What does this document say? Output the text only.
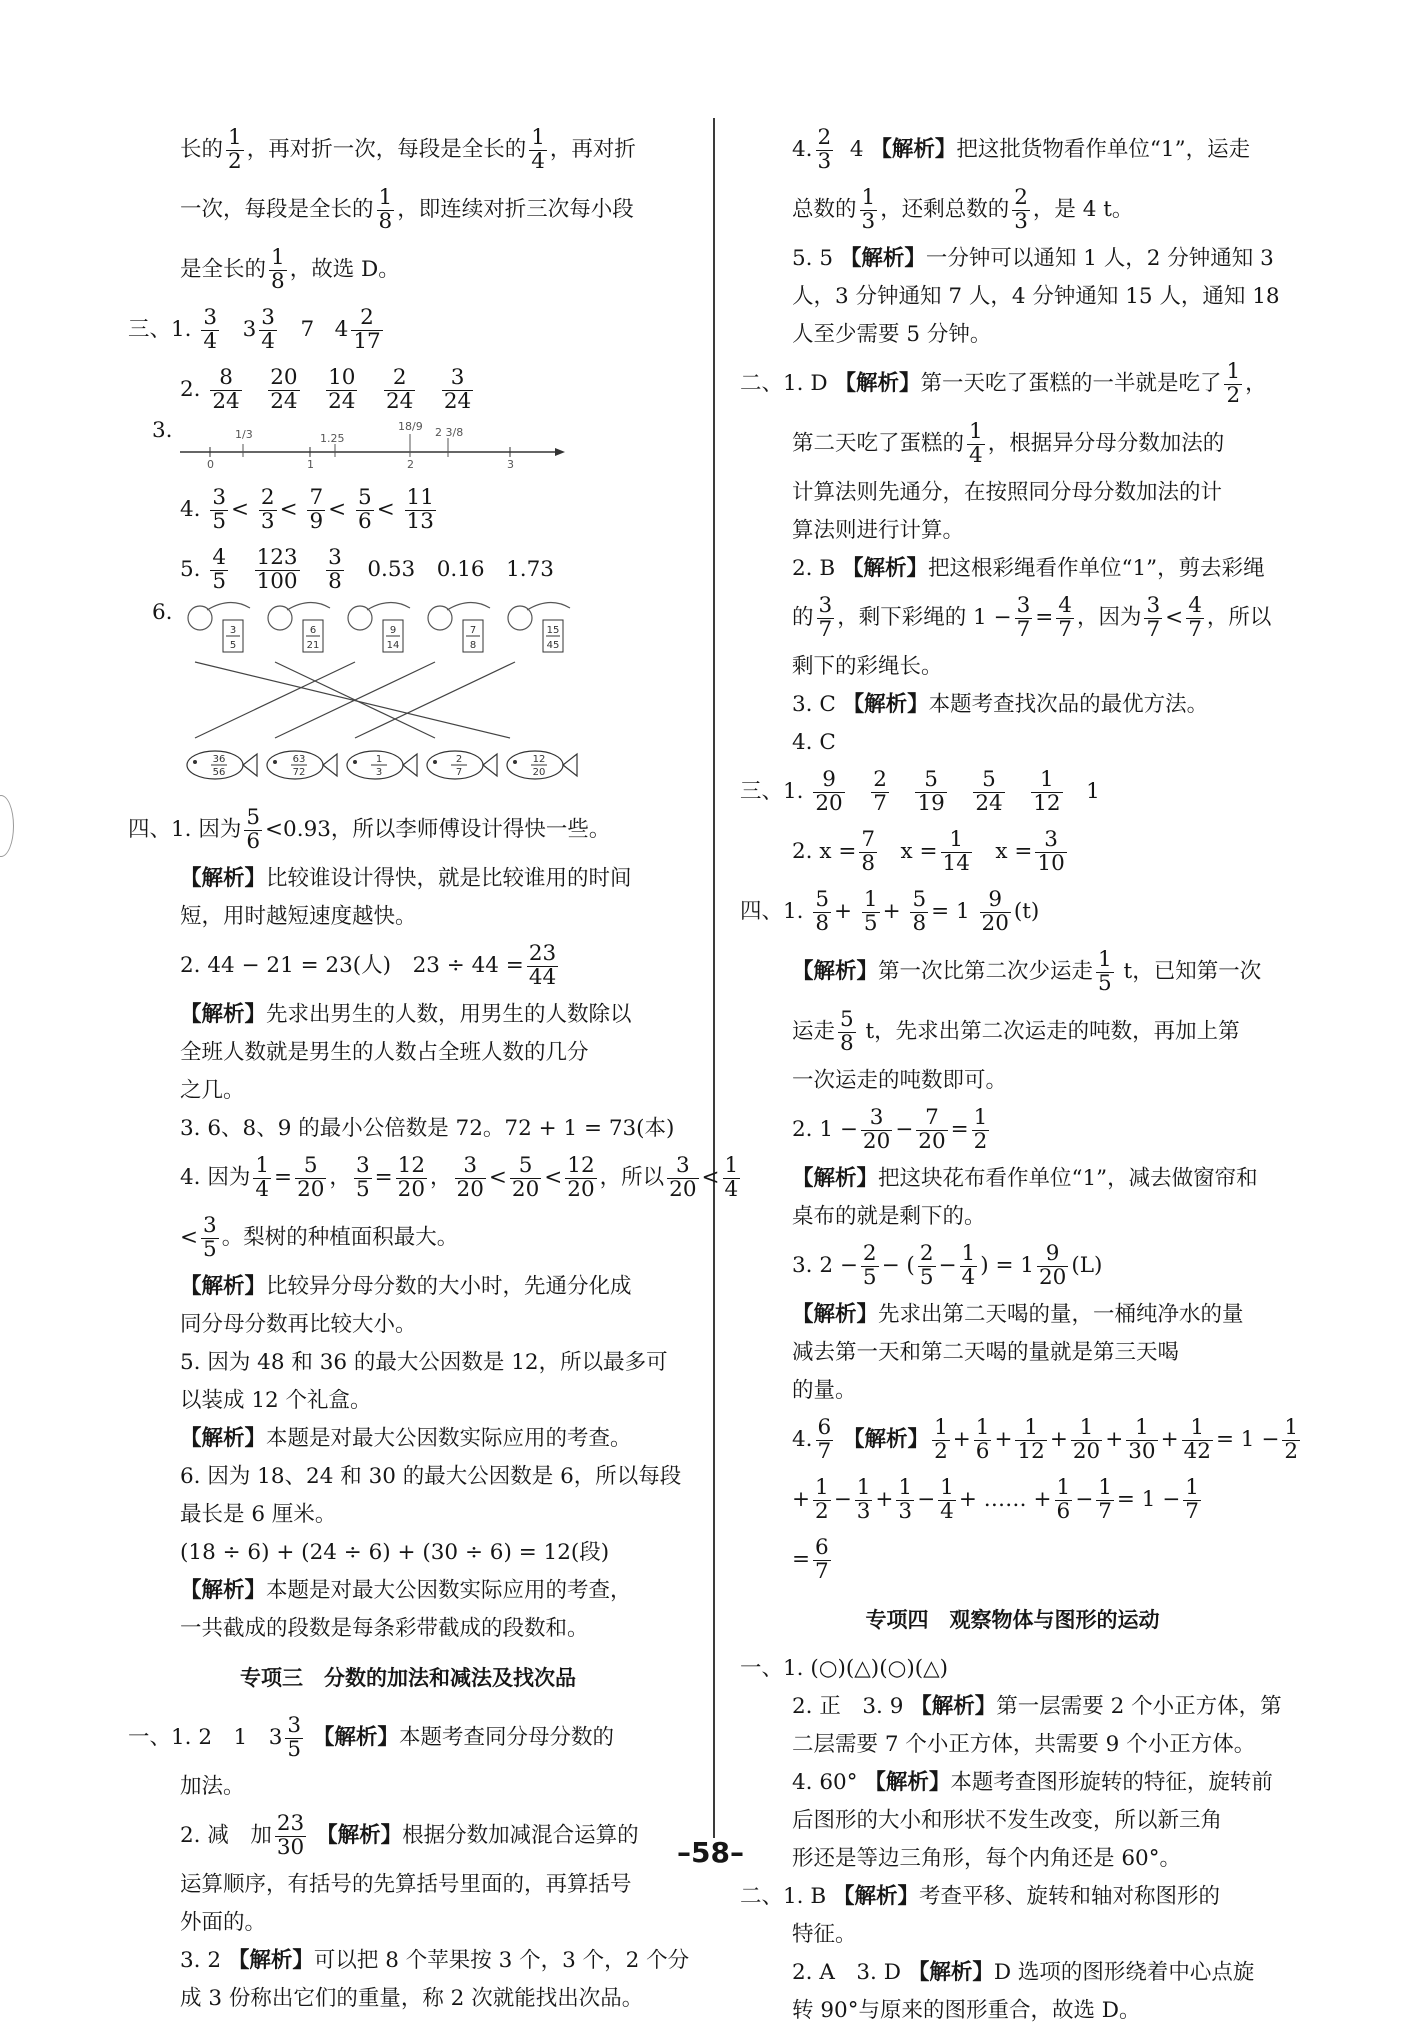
长的 $\frac{1}{2}$ ，再对折一次，每段是全长的 $\frac{1}{4}$ ，再对折
一次，每段是全长的 $\frac{1}{8}$ ，即连续对折三次每小段
是全长的 $\frac{1}{8}$ ，故选 D。
三、1. $\frac{3}{4} 3 \frac{3}{4} 7$ $4 \frac{2}{17}$
2. $\frac{8}{24}$
$\frac{20}{24}$
$\frac{10}{24}$
$\frac{2}{24}$
$\frac{3}{24}$
3.
0	1	2	3
1/3	1.25
18/9 2 3/8
4. $\frac{3}{5} < \frac{2}{3} < \frac{7}{9} < \frac{5}{6} < \frac{11}{13}$
5. $\frac{4}{5}$
$\frac{123}{100}$
$\frac{3}{8} 0.53$　0.16　1.73
6.
3
5
6
21
9
14
7
8
15
45
36
56
63
72
1
3
2
7
12
20
四、1. 因为 $\frac{5}{6} <0.93$，所以李师傅设计得快一些。
【解析】比较谁设计得快，就是比较谁用的时间
短，用时越短速度越快。
2. 44 − 21 = 23(人)　$23 \div 44 = \frac{23}{44}$
【解析】先求出男生的人数，用男生的人数除以
全班人数就是男生的人数占全班人数的几分
之几。
3. 6、8、9 的最小公倍数是 72。72 + 1 = 73(本)
4. 因为 $\frac{1}{4} = \frac{5}{20}$ ， $\frac{3}{5} = \frac{12}{20}$ ， $\frac{3}{20} < \frac{5}{20} < \frac{12}{20}$ ，所以 $\frac{3}{20} < \frac{1}{4}$
< $\frac{3}{5}$ 。梨树的种植面积最大。
【解析】比较异分母分数的大小时，先通分化成
同分母分数再比较大小。
5. 因为 48 和 36 的最大公因数是 12，所以最多可
以装成 12 个礼盒。
【解析】本题是对最大公因数实际应用的考查。
6. 因为 18、24 和 30 的最大公因数是 6，所以每段
最长是 6 厘米。
(18 ÷ 6) + (24 ÷ 6) + (30 ÷ 6) = 12(段)
【解析】本题是对最大公因数实际应用的考查，
一共截成的段数是每条彩带截成的段数和。
专项三　分数的加法和减法及找次品
一、1. 2　1　$3 \frac{3}{5}$ 【解析】本题考查同分母分数的
加法。
2. 减　加 $\frac{23}{30}$ 【解析】根据分数加减混合运算的
运算顺序，有括号的先算括号里面的，再算括号
外面的。
3. 2 【解析】可以把 8 个苹果按 3 个，3 个，2 个分
成 3 份称出它们的重量，称 2 次就能找出次品。
4. $\frac{2}{3} 4$ 【解析】把这批货物看作单位“1”，运走
总数的 $\frac{1}{3}$ ，还剩总数的 $\frac{2}{3}$ ，是 4 t。
5. 5 【解析】一分钟可以通知 1 人，2 分钟通知 3
人，3 分钟通知 7 人，4 分钟通知 15 人，通知 18
人至少需要 5 分钟。
二、1. D 【解析】第一天吃了蛋糕的一半就是吃了 $\frac{1}{2}$ ，
第二天吃了蛋糕的 $\frac{1}{4}$ ，根据异分母分数加法的
计算法则先通分，在按照同分母分数加法的计
算法则进行计算。
2. B 【解析】把这根彩绳看作单位“1”，剪去彩绳
的 $\frac{3}{7}$ ，剩下彩绳的 $1 - \frac{3}{7} = \frac{4}{7}$ ，因为 $\frac{3}{7} < \frac{4}{7}$ ，所以
剩下的彩绳长。
3. C 【解析】本题考查找次品的最优方法。
4. C
三、1. $\frac{9}{20}$
$\frac{2}{7}$
$\frac{5}{19}$
$\frac{5}{24}$
$\frac{1}{12} 1$
2. $x = \frac{7}{8}$ $x = \frac{1}{14}$ $x = \frac{3}{10}$
四、1. $\frac{5}{8} + \frac{1}{5} + \frac{5}{8} = 1 \frac{9}{20} (t)$
【解析】第一次比第二次少运走 $\frac{1}{5}$ t，已知第一次
运走 $\frac{5}{8}$ t，先求出第二次运走的吨数，再加上第
一次运走的吨数即可。
2. $1 - \frac{3}{20} - \frac{7}{20} = \frac{1}{2}$
【解析】把这块花布看作单位“1”，减去做窗帘和
桌布的就是剩下的。
3. $2 - \frac{2}{5}$ − ( $\frac{2}{5} - \frac{1}{4}$ ) = $1 \frac{9}{20} (L)$
【解析】先求出第二天喝的量，一桶纯净水的量
减去第一天和第二天喝的量就是第三天喝
的量。
4. $\frac{6}{7}$ 【解析】 $\frac{1}{2} + \frac{1}{6} + \frac{1}{12} + \frac{1}{20} + \frac{1}{30} + \frac{1}{42} = 1 - \frac{1}{2}$
+ $\frac{1}{2} - \frac{1}{3} + \frac{1}{3} - \frac{1}{4}$ + …… + $\frac{1}{6} - \frac{1}{7} = 1 - \frac{1}{7}$
= $\frac{6}{7}$
专项四　观察物体与图形的运动
一、1. (○)(△)(○)(△)
2. 正　3. 9 【解析】第一层需要 2 个小正方体，第
二层需要 7 个小正方体，共需要 9 个小正方体。
4. 60° 【解析】本题考查图形旋转的特征，旋转前
后图形的大小和形状不发生改变，所以新三角
形还是等边三角形，每个内角还是 60°。
二、1. B 【解析】考查平移、旋转和轴对称图形的
特征。
2. A　3. D 【解析】D 选项的图形绕着中心点旋
转 90°与原来的图形重合，故选 D。
–58–
